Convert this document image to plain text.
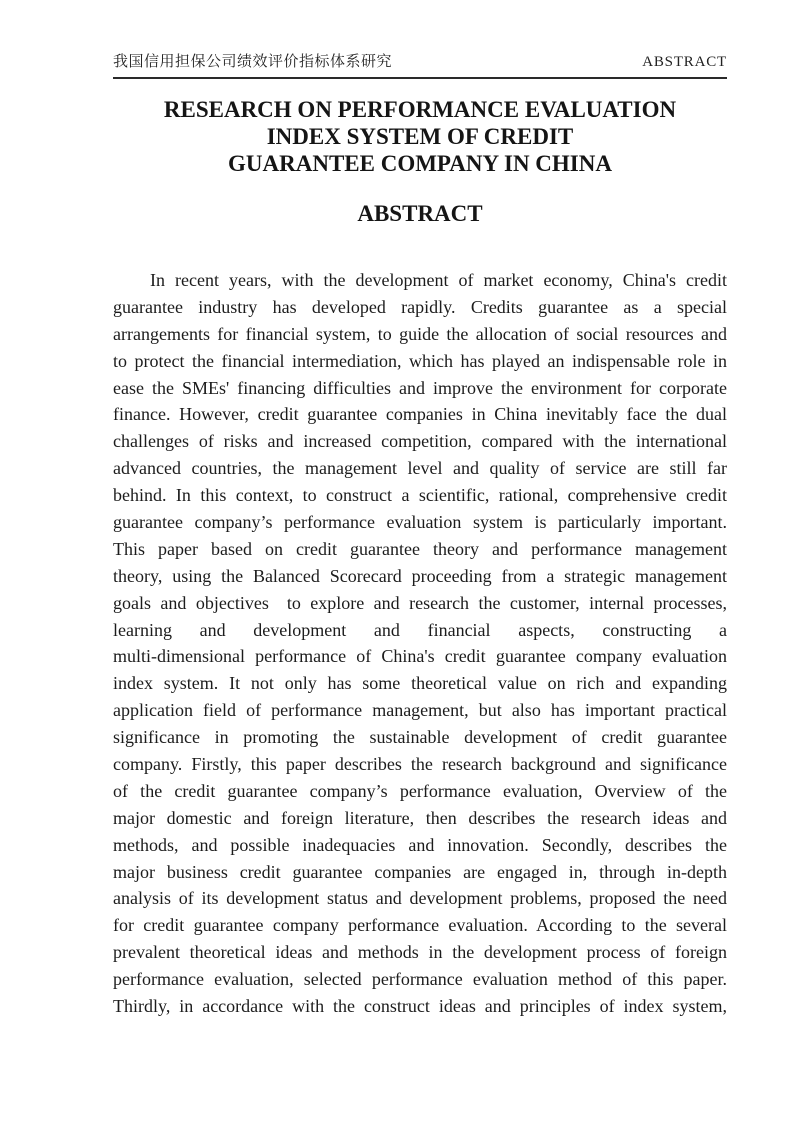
我国信用担保公司绩效评价指标体系研究	ABSTRACT
RESEARCH ON PERFORMANCE EVALUATION
INDEX SYSTEM OF CREDIT
GUARANTEE COMPANY IN CHINA
ABSTRACT
In recent years, with the development of market economy, China's credit
guarantee industry has developed rapidly. Credits guarantee as a special
arrangements for financial system, to guide the allocation of social resources and
to protect the financial intermediation, which has played an indispensable role in
ease the SMEs' financing difficulties and improve the environment for corporate
finance. However, credit guarantee companies in China inevitably face the dual
challenges of risks and increased competition, compared with the international
advanced countries, the management level and quality of service are still far
behind. In this context, to construct a scientific, rational, comprehensive credit
guarantee company’s performance evaluation system is particularly important.
This paper based on credit guarantee theory and performance management
theory, using the Balanced Scorecard proceeding from a strategic management
goals and objectives to explore and research the customer, internal processes,
learning and development and financial aspects, constructing a
multi-dimensional performance of China's credit guarantee company evaluation
index system. It not only has some theoretical value on rich and expanding
application field of performance management, but also has important practical
significance in promoting the sustainable development of credit guarantee
company. Firstly, this paper describes the research background and significance
of the credit guarantee company’s performance evaluation, Overview of the
major domestic and foreign literature, then describes the research ideas and
methods, and possible inadequacies and innovation. Secondly, describes the
major business credit guarantee companies are engaged in, through in-depth
analysis of its development status and development problems, proposed the need
for credit guarantee company performance evaluation. According to the several
prevalent theoretical ideas and methods in the development process of foreign
performance evaluation, selected performance evaluation method of this paper.
Thirdly, in accordance with the construct ideas and principles of index system,
